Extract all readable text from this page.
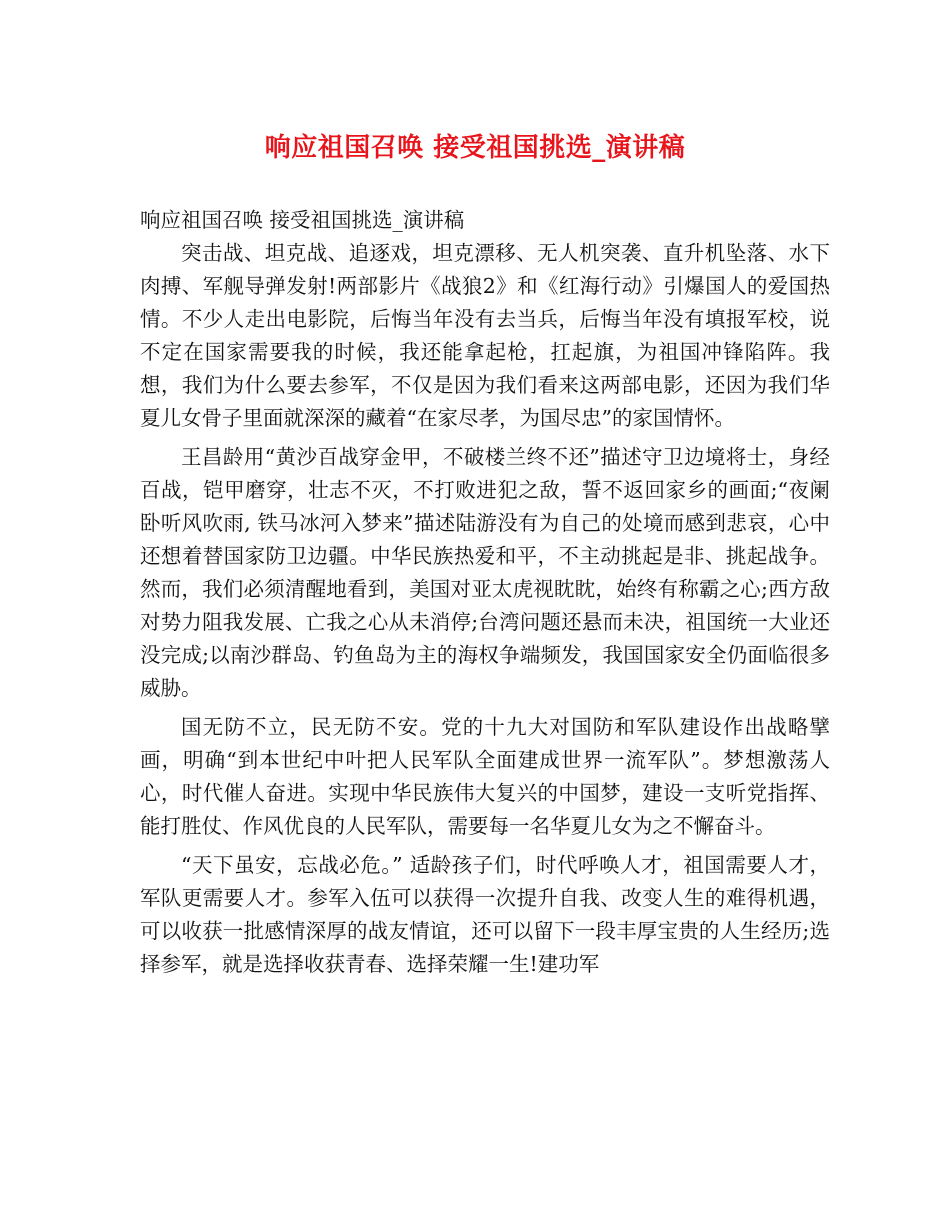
响应祖国召唤 接受祖国挑选_演讲稿

响应祖国召唤 接受祖国挑选_演讲稿

突击战、坦克战、追逐戏，坦克漂移、无人机突袭、直升机坠落、水下肉搏、军舰导弹发射!两部影片《战狼2》和《红海行动》引爆国人的爱国热情。不少人走出电影院，后悔当年没有去当兵，后悔当年没有填报军校，说不定在国家需要我的时候，我还能拿起枪，扛起旗，为祖国冲锋陷阵。我想，我们为什么要去参军，不仅是因为我们看来这两部电影，还因为我们华夏儿女骨子里面就深深的藏着“在家尽孝，为国尽忠”的家国情怀。

王昌龄用“黄沙百战穿金甲，不破楼兰终不还”描述守卫边境将士，身经百战，铠甲磨穿，壮志不灭，不打败进犯之敌，誓不返回家乡的画面;“夜阑卧听风吹雨, 铁马冰河入梦来”描述陆游没有为自己的处境而感到悲哀，心中还想着替国家防卫边疆。中华民族热爱和平，不主动挑起是非、挑起战争。然而，我们必须清醒地看到，美国对亚太虎视眈眈，始终有称霸之心;西方敌对势力阻我发展、亡我之心从未消停;台湾问题还悬而未决，祖国统一大业还没完成;以南沙群岛、钓鱼岛为主的海权争端频发，我国国家安全仍面临很多威胁。

国无防不立，民无防不安。党的十九大对国防和军队建设作出战略擘画，明确“到本世纪中叶把人民军队全面建成世界一流军队”。梦想激荡人心，时代催人奋进。实现中华民族伟大复兴的中国梦，建设一支听党指挥、能打胜仗、作风优良的人民军队，需要每一名华夏儿女为之不懈奋斗。

“天下虽安，忘战必危。” 适龄孩子们，时代呼唤人才，祖国需要人才，军队更需要人才。参军入伍可以获得一次提升自我、改变人生的难得机遇，可以收获一批感情深厚的战友情谊，还可以留下一段丰厚宝贵的人生经历;选择参军，就是选择收获青春、选择荣耀一生!建功军
